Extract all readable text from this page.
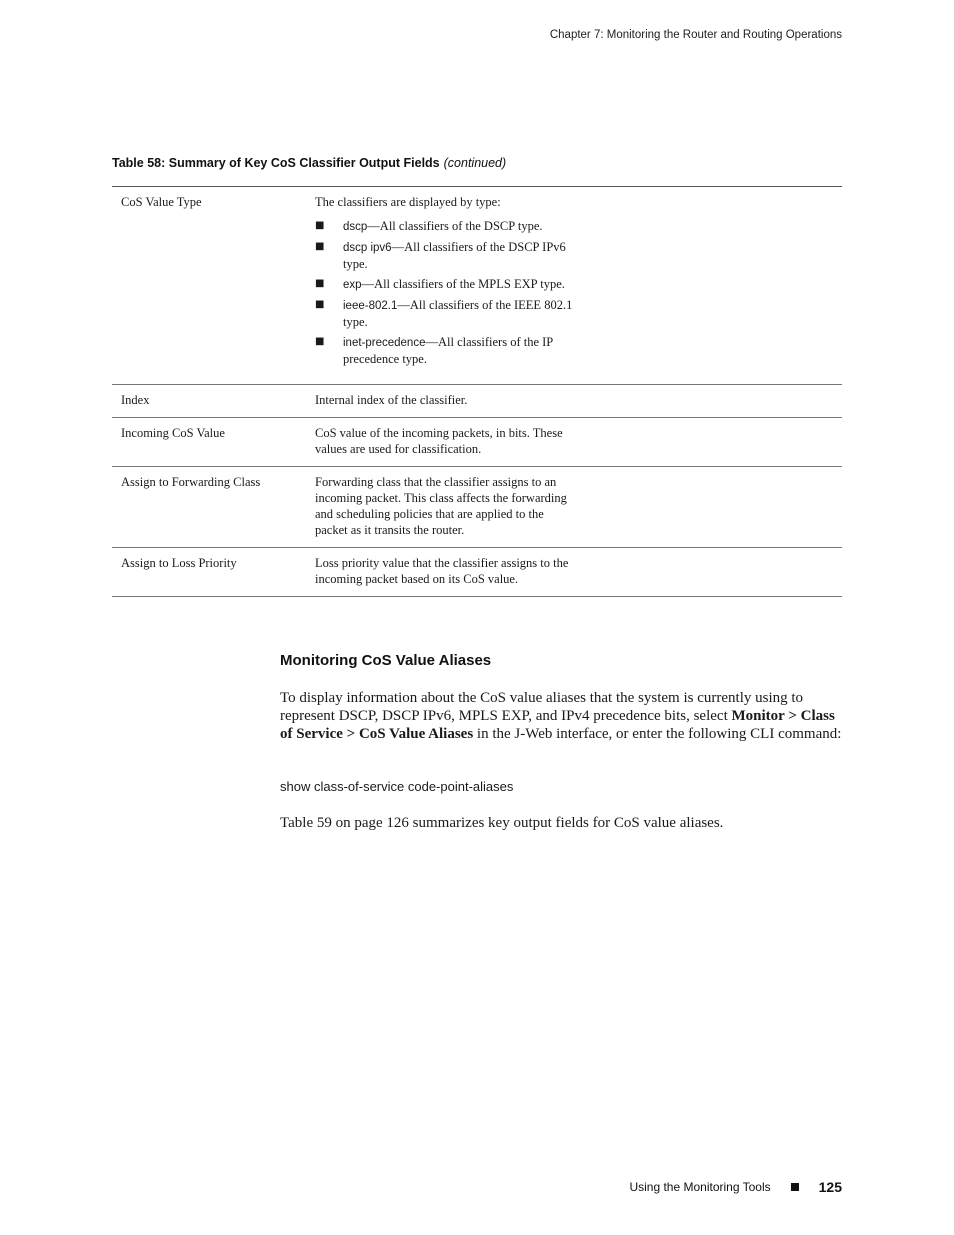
Chapter 7: Monitoring the Router and Routing Operations
Table 58: Summary of Key CoS Classifier Output Fields (continued)
CoS Value Type	The classifiers are displayed by type:
■	dscp—All classifiers of the DSCP type.
■	dscp ipv6—All classifiers of the DSCP IPv6 type.
■	exp—All classifiers of the MPLS EXP type.
■	ieee-802.1—All classifiers of the IEEE 802.1 type.
■	inet-precedence—All classifiers of the IP precedence type.
Index	Internal index of the classifier.
Incoming CoS Value	CoS value of the incoming packets, in bits. These values are used for classification.
Assign to Forwarding Class	Forwarding class that the classifier assigns to an incoming packet. This class affects the forwarding and scheduling policies that are applied to the packet as it transits the router.
Assign to Loss Priority	Loss priority value that the classifier assigns to the incoming packet based on its CoS value.
Monitoring CoS Value Aliases
To display information about the CoS value aliases that the system is currently using to represent DSCP, DSCP IPv6, MPLS EXP, and IPv4 precedence bits, select Monitor > Class of Service > CoS Value Aliases in the J-Web interface, or enter the following CLI command:
show class-of-service code-point-aliases
Table 59 on page 126 summarizes key output fields for CoS value aliases.
Using the Monitoring Tools	125
